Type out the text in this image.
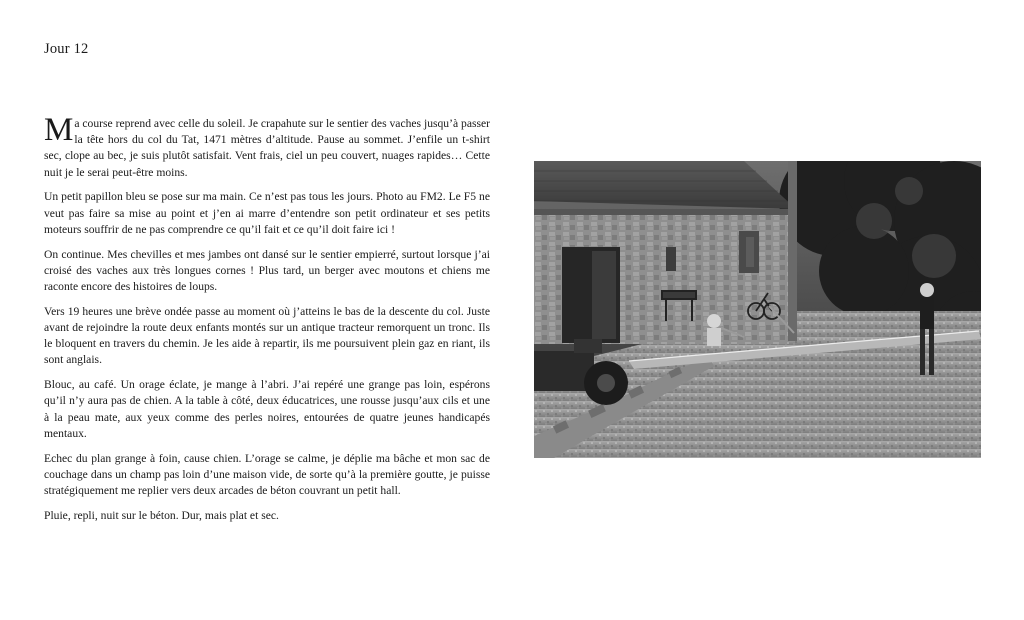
Jour 12

Ma course reprend avec celle du soleil. Je crapahute sur le sentier des vaches jusqu’à passer la tête hors du col du Tat, 1471 mètres d’altitude. Pause au sommet. J’enfile un t-shirt sec, clope au bec, je suis plutôt satisfait. Vent frais, ciel un peu couvert, nuages rapides… Cette nuit je le serai peut-être moins.

Un petit papillon bleu se pose sur ma main. Ce n’est pas tous les jours. Photo au FM2. Le F5 ne veut pas faire sa mise au point et j’en ai marre d’entendre son petit ordinateur et ses petits moteurs souffrir de ne pas comprendre ce qu’il fait et ce qu’il doit faire ici !

On continue. Mes chevilles et mes jambes ont dansé sur le sentier empierré, surtout lorsque j’ai croisé des vaches aux très longues cornes ! Plus tard, un berger avec moutons et chiens me raconte encore des histoires de loups.

Vers 19 heures une brève ondée passe au moment où j’atteins le bas de la descente du col. Juste avant de rejoindre la route deux enfants montés sur un antique tracteur remorquent un tronc. Ils le bloquent en travers du chemin. Je les aide à repartir, ils me poursuivent plein gaz en riant, ils sont anglais.

Blouc, au café. Un orage éclate, je mange à l’abri. J’ai repéré une grange pas loin, espérons qu’il n’y aura pas de chien. A la table à côté, deux éducatrices, une rousse jusqu’aux cils et une à la peau mate, aux yeux comme des perles noires, entourées de quatre jeunes handicapés mentaux.

Echec du plan grange à foin, cause chien. L’orage se calme, je déplie ma bâche et mon sac de couchage dans un champ pas loin d’une maison vide, de sorte qu’à la première goutte, je puisse stratégiquement me replier vers deux arcades de béton couvrant un petit hall.

Pluie, repli, nuit sur le béton. Dur, mais plat et sec.
